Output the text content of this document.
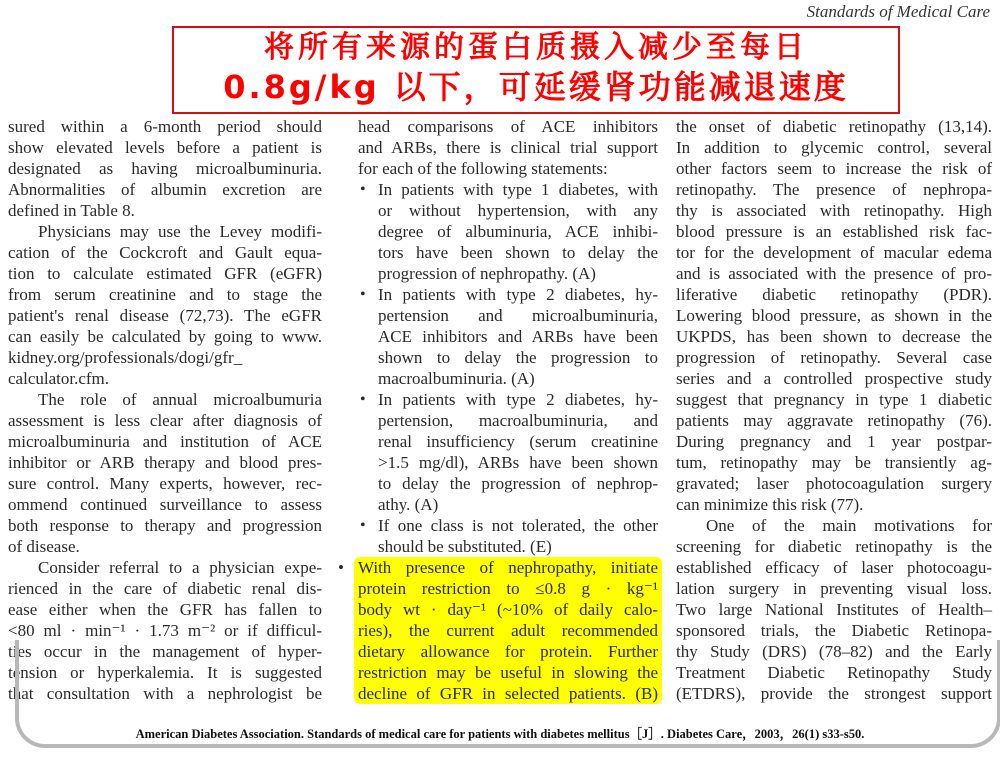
Standards of Medical Care
将所有来源的蛋白质摄入减少至每日
0.8g/kg 以下，可延缓肾功能减退速度
sured within a 6-month period should
show elevated levels before a patient is
designated as having microalbuminuria.
Abnormalities of albumin excretion are
defined in Table 8.
Physicians may use the Levey modifi-
cation of the Cockcroft and Gault equa-
tion to calculate estimated GFR (eGFR)
from serum creatinine and to stage the
patient's renal disease (72,73). The eGFR
can easily be calculated by going to www.
kidney.org/professionals/dogi/gfr_
calculator.cfm.
The role of annual microalbumuria
assessment is less clear after diagnosis of
microalbuminuria and institution of ACE
inhibitor or ARB therapy and blood pres-
sure control. Many experts, however, rec-
ommend continued surveillance to assess
both response to therapy and progression
of disease.
Consider referral to a physician expe-
rienced in the care of diabetic renal dis-
ease either when the GFR has fallen to
<80 ml · min⁻¹ · 1.73 m⁻² or if difficul-
ties occur in the management of hyper-
tension or hyperkalemia. It is suggested
that consultation with a nephrologist be
head comparisons of ACE inhibitors
and ARBs, there is clinical trial support
for each of the following statements:
• In patients with type 1 diabetes, with
or without hypertension, with any
degree of albuminuria, ACE inhibi-
tors have been shown to delay the
progression of nephropathy. (A)
• In patients with type 2 diabetes, hy-
pertension and microalbuminuria,
ACE inhibitors and ARBs have been
shown to delay the progression to
macroalbuminuria. (A)
• In patients with type 2 diabetes, hy-
pertension, macroalbuminuria, and
renal insufficiency (serum creatinine
>1.5 mg/dl), ARBs have been shown
to delay the progression of nephrop-
athy. (A)
• If one class is not tolerated, the other
should be substituted. (E)
• With presence of nephropathy, initiate
protein restriction to ≤0.8 g · kg⁻¹
body wt · day⁻¹ (~10% of daily calo-
ries), the current adult recommended
dietary allowance for protein. Further
restriction may be useful in slowing the
decline of GFR in selected patients. (B)
the onset of diabetic retinopathy (13,14).
In addition to glycemic control, several
other factors seem to increase the risk of
retinopathy. The presence of nephropa-
thy is associated with retinopathy. High
blood pressure is an established risk fac-
tor for the development of macular edema
and is associated with the presence of pro-
liferative diabetic retinopathy (PDR).
Lowering blood pressure, as shown in the
UKPDS, has been shown to decrease the
progression of retinopathy. Several case
series and a controlled prospective study
suggest that pregnancy in type 1 diabetic
patients may aggravate retinopathy (76).
During pregnancy and 1 year postpar-
tum, retinopathy may be transiently ag-
gravated; laser photocoagulation surgery
can minimize this risk (77).
One of the main motivations for
screening for diabetic retinopathy is the
established efficacy of laser photocoagu-
lation surgery in preventing visual loss.
Two large National Institutes of Health–
sponsored trials, the Diabetic Retinopa-
thy Study (DRS) (78–82) and the Early
Treatment Diabetic Retinopathy Study
(ETDRS), provide the strongest support
American Diabetes Association. Standards of medical care for patients with diabetes mellitus［J］. Diabetes Care，2003，26(1) s33-s50.
